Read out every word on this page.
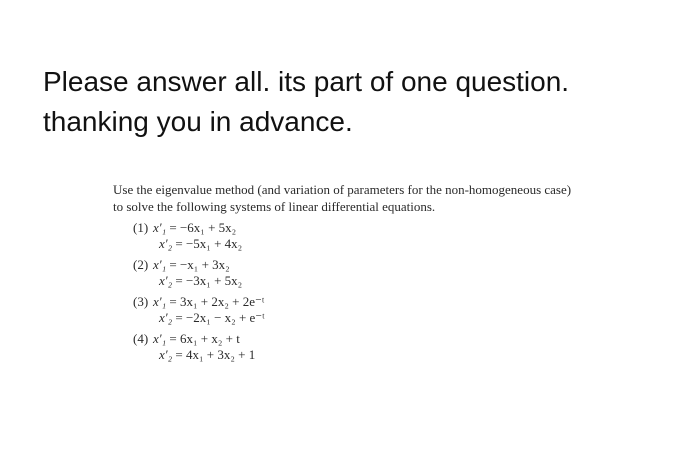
Please answer all. its part of one question.
thanking you in advance.
Use the eigenvalue method (and variation of parameters for the non-homogeneous case)
to solve the following systems of linear differential equations.
(1) x′₁ = −6x₁ + 5x₂
x′₂ = −5x₁ + 4x₂
(2) x′₁ = −x₁ + 3x₂
x′₂ = −3x₁ + 5x₂
(3) x′₁ = 3x₁ + 2x₂ + 2e⁻ᵗ
x′₂ = −2x₁ − x₂ + e⁻ᵗ
(4) x′₁ = 6x₁ + x₂ + t
x′₂ = 4x₁ + 3x₂ + 1
